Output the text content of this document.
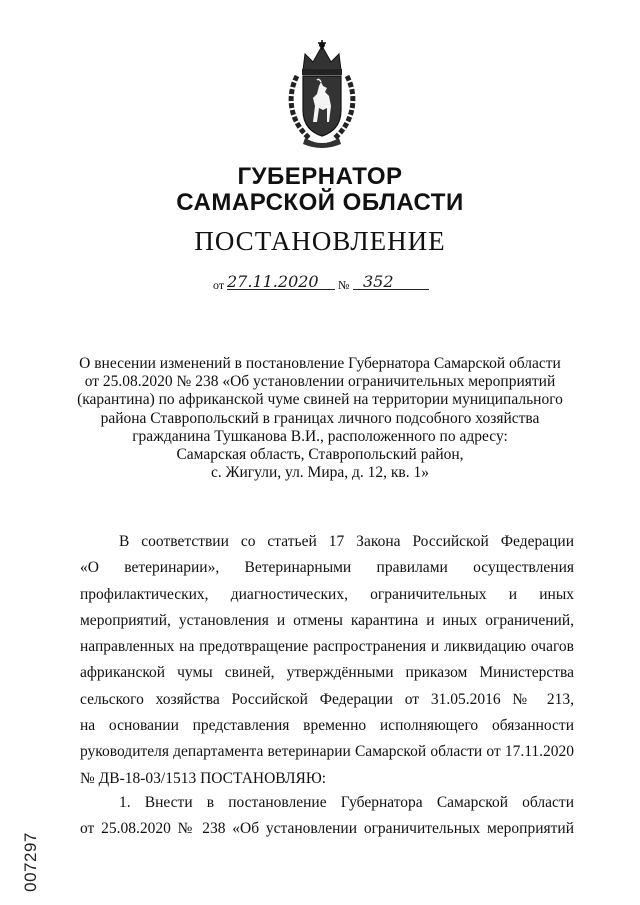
ГУБЕРНАТОР
САМАРСКОЙ ОБЛАСТИ
ПОСТАНОВЛЕНИЕ
от 27.11.2020 № 352
О внесении изменений в постановление Губернатора Самарской области
от 25.08.2020 № 238 «Об установлении ограничительных мероприятий
(карантина) по африканской чуме свиней на территории муниципального
района Ставропольский в границах личного подсобного хозяйства
гражданина Тушканова В.И., расположенного по адресу:
Самарская область, Ставропольский район,
с. Жигули, ул. Мира, д. 12, кв. 1»
В соответствии со статьей 17 Закона Российской Федерации
«О ветеринарии», Ветеринарными правилами осуществления
профилактических, диагностических, ограничительных и иных
мероприятий, установления и отмены карантина и иных ограничений,
направленных на предотвращение распространения и ликвидацию очагов
африканской чумы свиней, утверждёнными приказом Министерства
сельского хозяйства Российской Федерации от 31.05.2016 № 213,
на основании представления временно исполняющего обязанности
руководителя департамента ветеринарии Самарской области от 17.11.2020
№ ДВ-18-03/1513 ПОСТАНОВЛЯЮ:
1. Внести в постановление Губернатора Самарской области
от 25.08.2020 № 238 «Об установлении ограничительных мероприятий
007297
